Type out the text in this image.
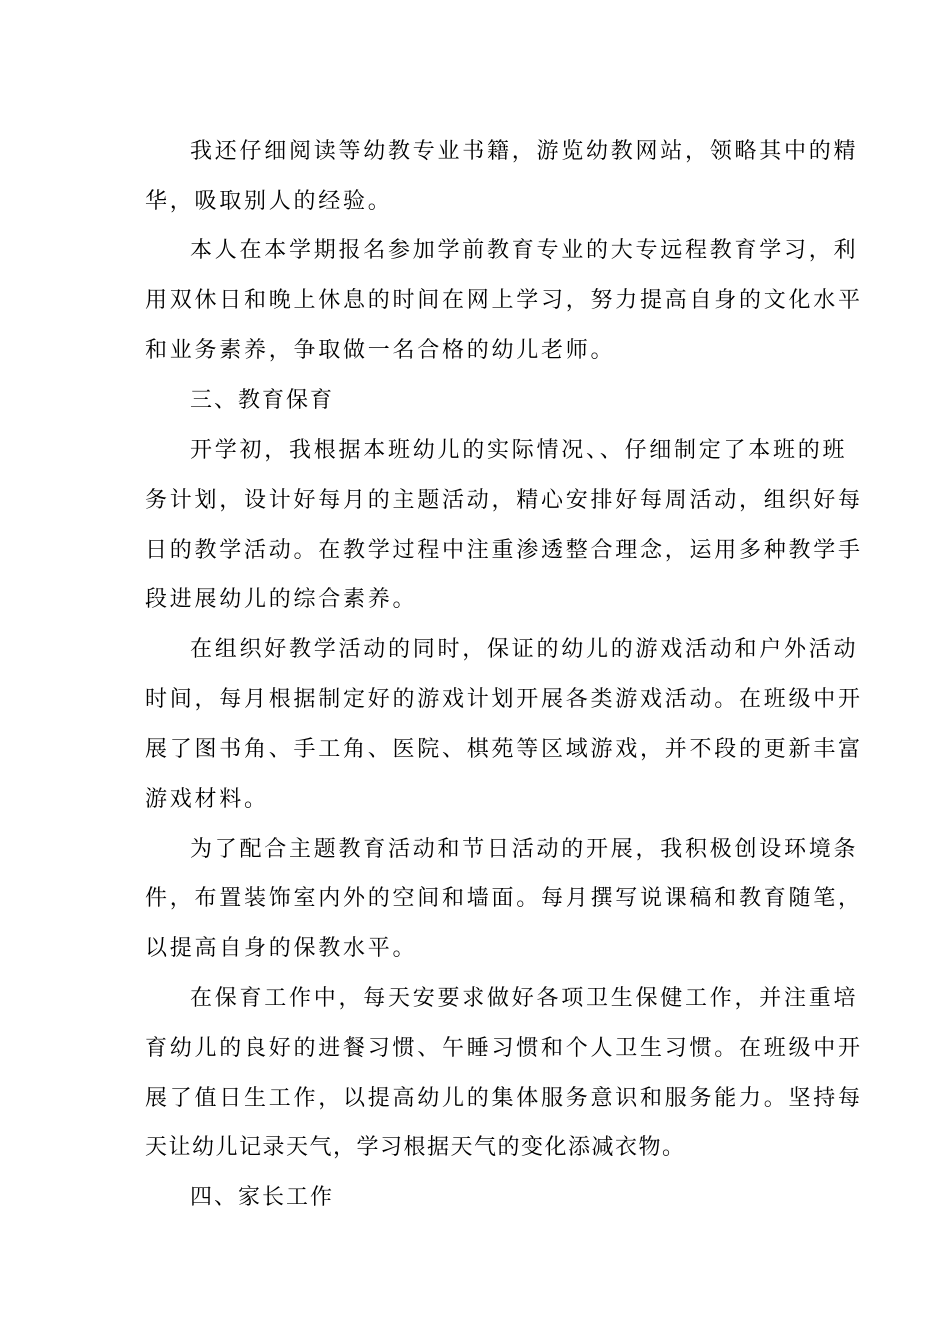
我还仔细阅读等幼教专业书籍，游览幼教网站，领略其中的精
华，吸取别人的经验。
本人在本学期报名参加学前教育专业的大专远程教育学习，利
用双休日和晚上休息的时间在网上学习，努力提高自身的文化水平
和业务素养，争取做一名合格的幼儿老师。
三、教育保育
开学初，我根据本班幼儿的实际情况、、仔细制定了本班的班
务计划，设计好每月的主题活动，精心安排好每周活动，组织好每
日的教学活动。在教学过程中注重渗透整合理念，运用多种教学手
段进展幼儿的综合素养。
在组织好教学活动的同时，保证的幼儿的游戏活动和户外活动
时间，每月根据制定好的游戏计划开展各类游戏活动。在班级中开
展了图书角、手工角、医院、棋苑等区域游戏，并不段的更新丰富
游戏材料。
为了配合主题教育活动和节日活动的开展，我积极创设环境条
件，布置装饰室内外的空间和墙面。每月撰写说课稿和教育随笔，
以提高自身的保教水平。
在保育工作中，每天安要求做好各项卫生保健工作，并注重培
育幼儿的良好的进餐习惯、午睡习惯和个人卫生习惯。在班级中开
展了值日生工作，以提高幼儿的集体服务意识和服务能力。坚持每
天让幼儿记录天气，学习根据天气的变化添减衣物。
四、家长工作
